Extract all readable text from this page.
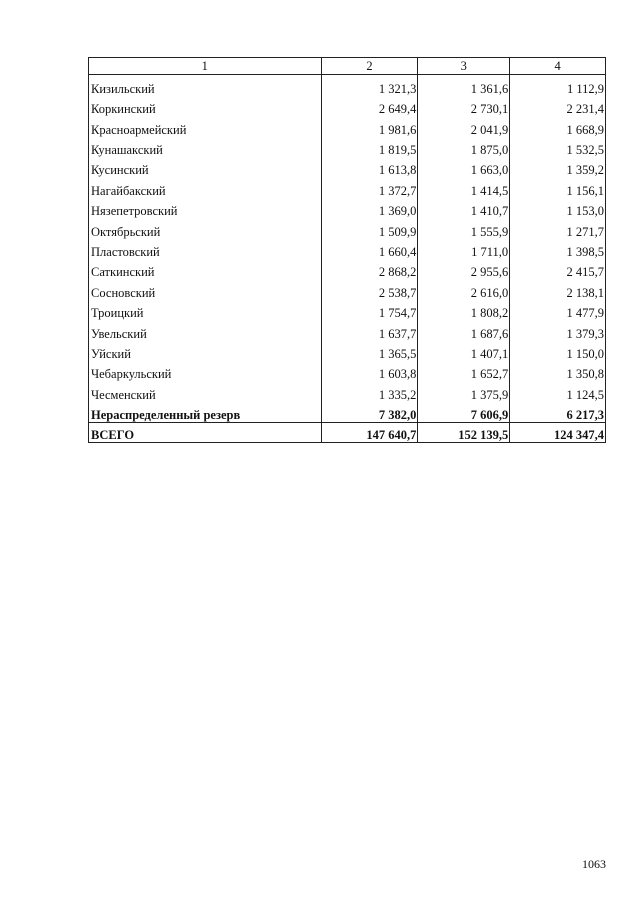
1	2	3	4
Кизильский	1 321,3	1 361,6	1 112,9
Коркинский	2 649,4	2 730,1	2 231,4
Красноармейский	1 981,6	2 041,9	1 668,9
Кунашакский	1 819,5	1 875,0	1 532,5
Кусинский	1 613,8	1 663,0	1 359,2
Нагайбакский	1 372,7	1 414,5	1 156,1
Нязепетровский	1 369,0	1 410,7	1 153,0
Октябрьский	1 509,9	1 555,9	1 271,7
Пластовский	1 660,4	1 711,0	1 398,5
Саткинский	2 868,2	2 955,6	2 415,7
Сосновский	2 538,7	2 616,0	2 138,1
Троицкий	1 754,7	1 808,2	1 477,9
Увельский	1 637,7	1 687,6	1 379,3
Уйский	1 365,5	1 407,1	1 150,0
Чебаркульский	1 603,8	1 652,7	1 350,8
Чесменский	1 335,2	1 375,9	1 124,5
Нераспределенный резерв	7 382,0	7 606,9	6 217,3
ВСЕГО	147 640,7	152 139,5	124 347,4
1063
